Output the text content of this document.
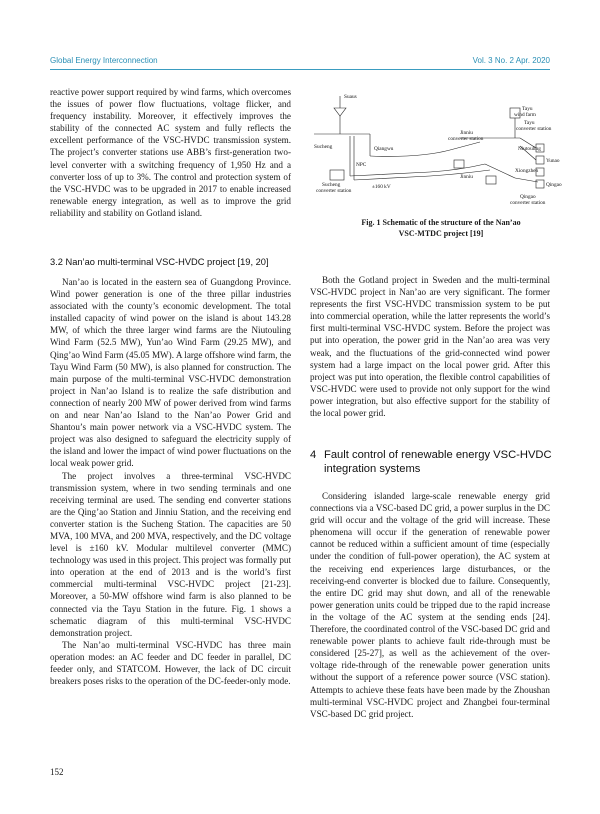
Global Energy Interconnection	Vol. 3 No. 2 Apr. 2020

reactive power support required by wind farms, which overcomes the issues of power flow fluctuations, voltage flicker, and frequency instability. Moreover, it effectively improves the stability of the connected AC system and fully reflects the excellent performance of the VSC-HVDC transmission system. The project’s converter stations use ABB’s first-generation two-level converter with a switching frequency of 1,950 Hz and a converter loss of up to 3%. The control and protection system of the VSC-HVDC was to be upgraded in 2017 to enable increased renewable energy integration, as well as to improve the grid reliability and stability on Gotland island.

3.2 Nan’ao multi-terminal VSC-HVDC project [19, 20]

Nan’ao is located in the eastern sea of Guangdong Province. Wind power generation is one of the three pillar industries associated with the county’s economic development. The total installed capacity of wind power on the island is about 143.28 MW, of which the three larger wind farms are the Niutouling Wind Farm (52.5 MW), Yun’ao Wind Farm (29.25 MW), and Qing’ao Wind Farm (45.05 MW). A large offshore wind farm, the Tayu Wind Farm (50 MW), is also planned for construction. The main purpose of the multi-terminal VSC-HVDC demonstration project in Nan’ao Island is to realize the safe distribution and connection of nearly 200 MW of power derived from wind farms on and near Nan’ao Island to the Nan’ao Power Grid and Shantou’s main power network via a VSC-HVDC system. The project was also designed to safeguard the electricity supply of the island and lower the impact of wind power fluctuations on the local weak power grid.

The project involves a three-terminal VSC-HVDC transmission system, where in two sending terminals and one receiving terminal are used. The sending end converter stations are the Qing’ao Station and Jinniu Station, and the receiving end converter station is the Sucheng Station. The capacities are 50 MVA, 100 MVA, and 200 MVA, respectively, and the DC voltage level is ±160 kV. Modular multilevel converter (MMC) technology was used in this project. This project was formally put into operation at the end of 2013 and is the world’s first commercial multi-terminal VSC-HVDC project [21-23]. Moreover, a 50-MW offshore wind farm is also planned to be connected via the Tayu Station in the future. Fig. 1 shows a schematic diagram of this multi-terminal VSC-HVDC demonstration project.

The Nan’ao multi-terminal VSC-HVDC has three main operation modes: an AC feeder and DC feeder in parallel, DC feeder only, and STATCOM. However, the lack of DC circuit breakers poses risks to the operation of the DC-feeder-only mode.

Suaus
Sucheng	Qiangwu
Jinniu converter station
Tayu wind farm
Tayu converter station
Niutouling
Yunao
Xiongzhen
Qingao
Qingao converter station
Jinniu
Sucheng converter station
±160 kV
NPC
Fig. 1 Schematic of the structure of the Nan’ao
VSC-MTDC project [19]

Both the Gotland project in Sweden and the multi-terminal VSC-HVDC project in Nan’ao are very significant. The former represents the first VSC-HVDC transmission system to be put into commercial operation, while the latter represents the world’s first multi-terminal VSC-HVDC system. Before the project was put into operation, the power grid in the Nan’ao area was very weak, and the fluctuations of the grid-connected wind power system had a large impact on the local power grid. After this project was put into operation, the flexible control capabilities of VSC-HVDC were used to provide not only support for the wind power integration, but also effective support for the stability of the local power grid.

4 Fault control of renewable energy VSC-HVDC integration systems

Considering islanded large-scale renewable energy grid connections via a VSC-based DC grid, a power surplus in the DC grid will occur and the voltage of the grid will increase. These phenomena will occur if the generation of renewable power cannot be reduced within a sufficient amount of time (especially under the condition of full-power operation), the AC system at the receiving end experiences large disturbances, or the receiving-end converter is blocked due to failure. Consequently, the entire DC grid may shut down, and all of the renewable power generation units could be tripped due to the rapid increase in the voltage of the AC system at the sending ends [24]. Therefore, the coordinated control of the VSC-based DC grid and renewable power plants to achieve fault ride-through must be considered [25-27], as well as the achievement of the over-voltage ride-through of the renewable power generation units without the support of a reference power source (VSC station). Attempts to achieve these feats have been made by the Zhoushan multi-terminal VSC-HVDC project and Zhangbei four-terminal VSC-based DC grid project.

152
